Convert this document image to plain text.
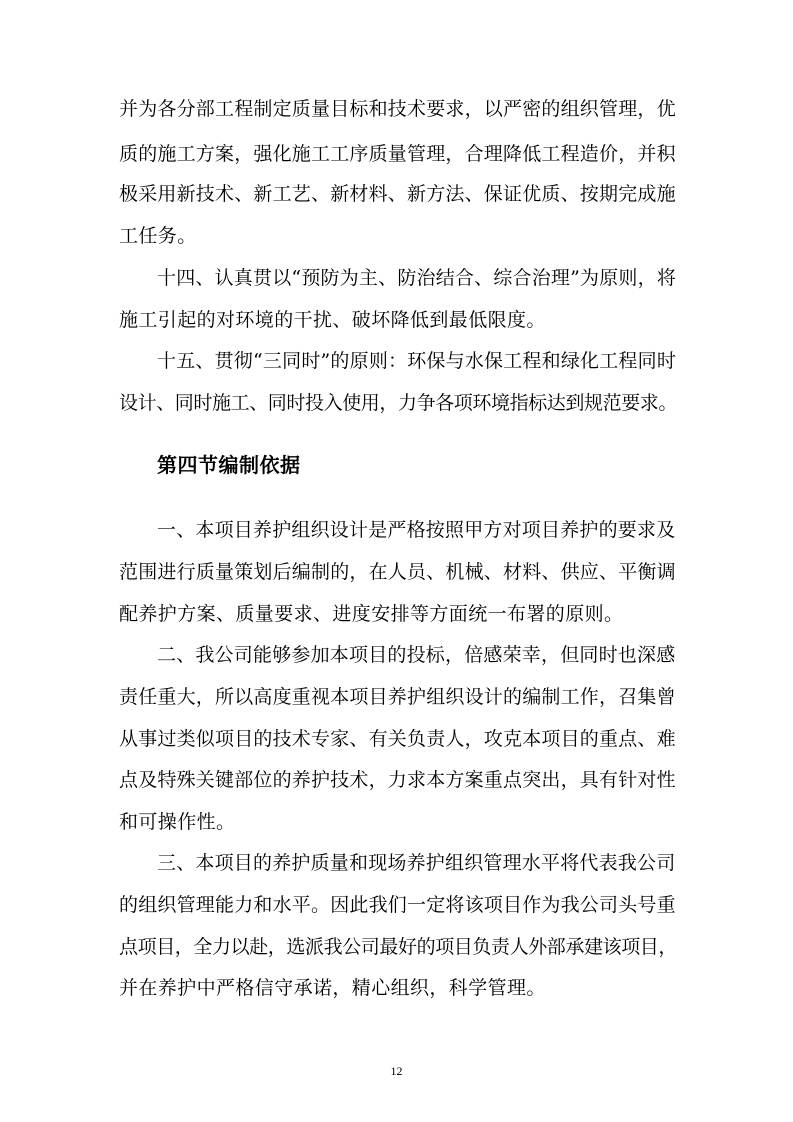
并为各分部工程制定质量目标和技术要求，以严密的组织管理，优
质的施工方案，强化施工工序质量管理，合理降低工程造价，并积
极采用新技术、新工艺、新材料、新方法、保证优质、按期完成施
工任务。
十四、认真贯以“预防为主、防治结合、综合治理”为原则，将
施工引起的对环境的干扰、破坏降低到最低限度。
十五、贯彻“三同时”的原则：环保与水保工程和绿化工程同时
设计、同时施工、同时投入使用，力争各项环境指标达到规范要求。
第四节编制依据
一、本项目养护组织设计是严格按照甲方对项目养护的要求及
范围进行质量策划后编制的，在人员、机械、材料、供应、平衡调
配养护方案、质量要求、进度安排等方面统一布署的原则。
二、我公司能够参加本项目的投标，倍感荣幸，但同时也深感
责任重大，所以高度重视本项目养护组织设计的编制工作，召集曾
从事过类似项目的技术专家、有关负责人，攻克本项目的重点、难
点及特殊关键部位的养护技术，力求本方案重点突出，具有针对性
和可操作性。
三、本项目的养护质量和现场养护组织管理水平将代表我公司
的组织管理能力和水平。因此我们一定将该项目作为我公司头号重
点项目，全力以赴，选派我公司最好的项目负责人外部承建该项目，
并在养护中严格信守承诺，精心组织，科学管理。
12
